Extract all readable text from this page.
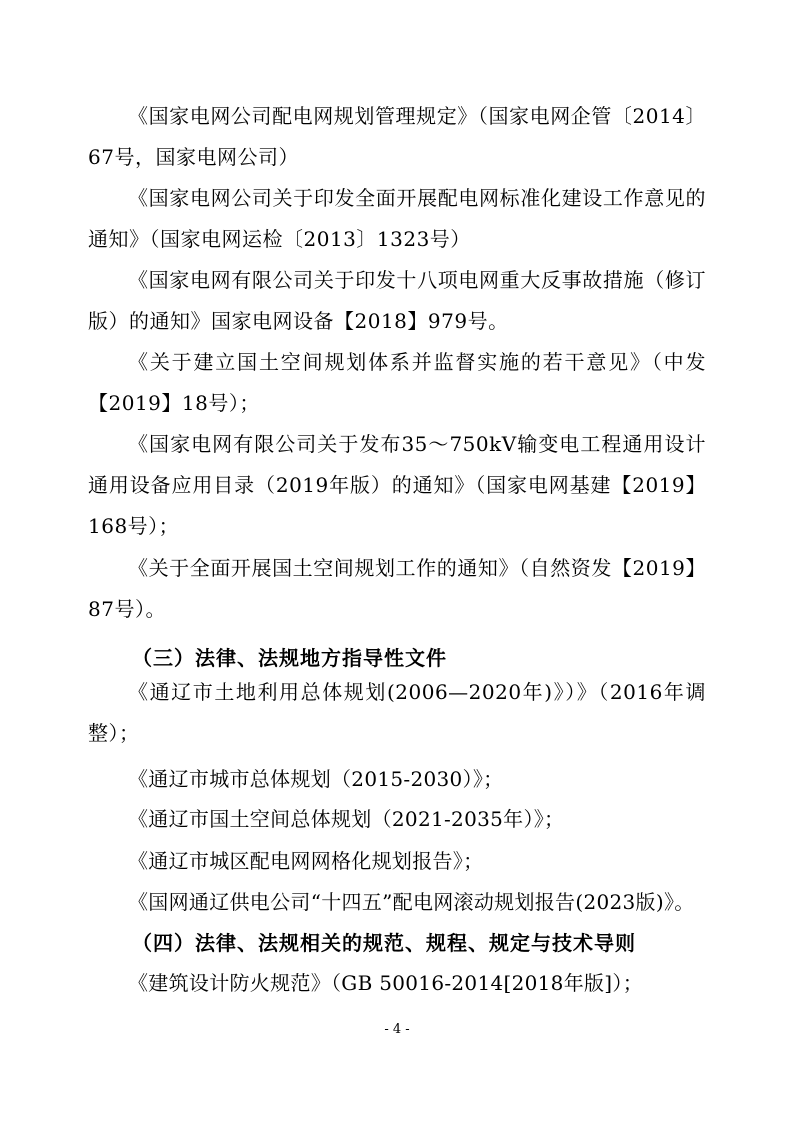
《国家电网公司配电网规划管理规定》（国家电网企管〔2014〕67号，国家电网公司）

《国家电网公司关于印发全面开展配电网标准化建设工作意见的通知》（国家电网运检〔2013〕1323号）

《国家电网有限公司关于印发十八项电网重大反事故措施（修订版）的通知》国家电网设备【2018】979号。

《关于建立国土空间规划体系并监督实施的若干意见》（中发【2019】18号）；

《国家电网有限公司关于发布35～750kV输变电工程通用设计通用设备应用目录（2019年版）的通知》（国家电网基建【2019】168号）；

《关于全面开展国土空间规划工作的通知》（自然资发【2019】87号）。

（三）法律、法规地方指导性文件

《通辽市土地利用总体规划(2006—2020年)》）》（2016年调整）；

《通辽市城市总体规划（2015-2030）》；

《通辽市国土空间总体规划（2021-2035年）》；

《通辽市城区配电网网格化规划报告》；

《国网通辽供电公司“十四五”配电网滚动规划报告(2023版)》。

（四）法律、法规相关的规范、规程、规定与技术导则

《建筑设计防火规范》（GB 50016-2014[2018年版]）；

- 4 -
